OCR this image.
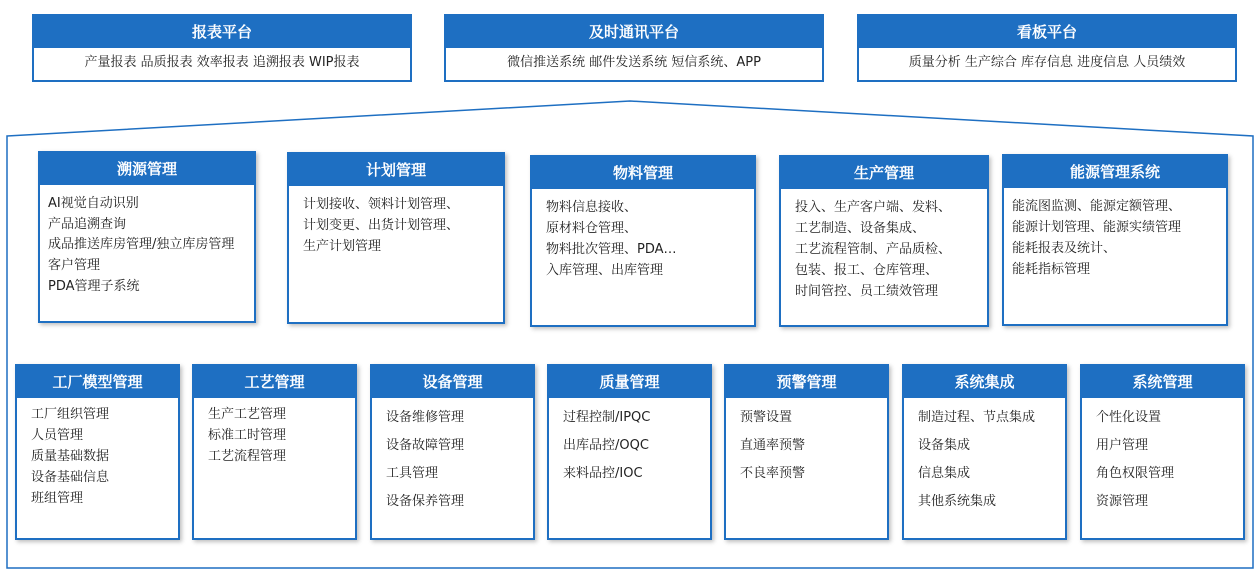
报表平台
产量报表 品质报表 效率报表 追溯报表 WIP报表
及时通讯平台
微信推送系统 邮件发送系统 短信系统、APP
看板平台
质量分析 生产综合 库存信息 进度信息 人员绩效
溯源管理
AI视觉自动识别
产品追溯查询
成品推送库房管理/独立库房管理
客户管理
PDA管理子系统
计划管理
计划接收、领料计划管理、
计划变更、出货计划管理、
生产计划管理
物料管理
物料信息接收、
原材料仓管理、
物料批次管理、PDA…
入库管理、出库管理
生产管理
投入、生产客户端、发料、
工艺制造、设备集成、
工艺流程管制、产品质检、
包装、报工、仓库管理、
时间管控、员工绩效管理
能源管理系统
能流图监测、能源定额管理、
能源计划管理、能源实绩管理
能耗报表及统计、
能耗指标管理
工厂模型管理
工厂组织管理
人员管理
质量基础数据
设备基础信息
班组管理
工艺管理
生产工艺管理
标准工时管理
工艺流程管理
设备管理
设备维修管理
设备故障管理
工具管理
设备保养管理
质量管理
过程控制/IPQC
出库品控/OQC
来料品控/IOC
预警管理
预警设置
直通率预警
不良率预警
系统集成
制造过程、节点集成
设备集成
信息集成
其他系统集成
系统管理
个性化设置
用户管理
角色权限管理
资源管理
